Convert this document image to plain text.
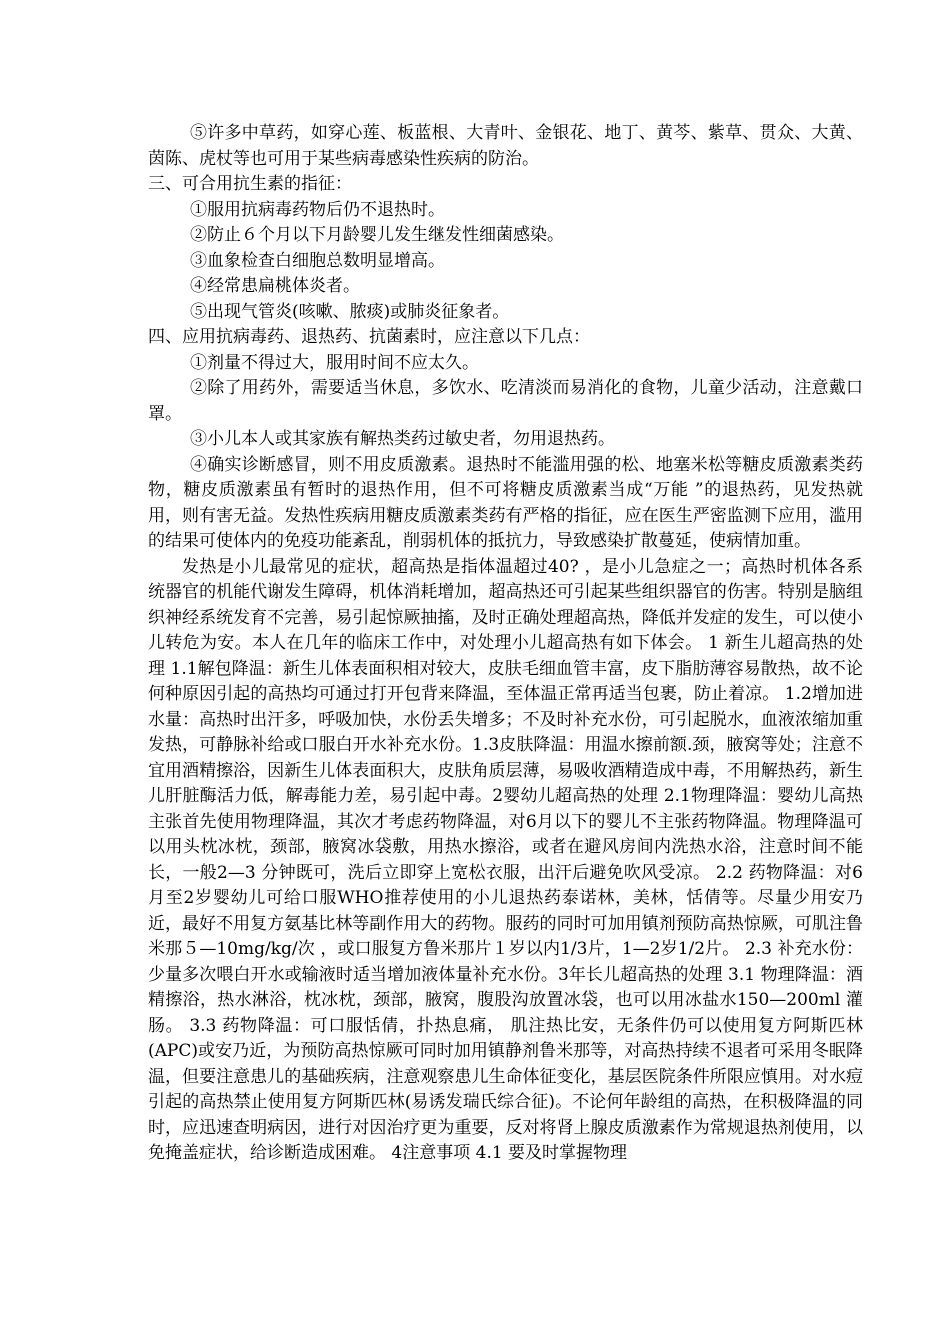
⑤许多中草药，如穿心莲、板蓝根、大青叶、金银花、地丁、黄芩、紫草、贯众、大黄、茵陈、虎杖等也可用于某些病毒感染性疾病的防治。

三、可合用抗生素的指征：

①服用抗病毒药物后仍不退热时。

②防止６个月以下月龄婴儿发生继发性细菌感染。

③血象检查白细胞总数明显增高。

④经常患扁桃体炎者。

⑤出现气管炎(咳嗽、脓痰)或肺炎征象者。

四、应用抗病毒药、退热药、抗菌素时，应注意以下几点：

①剂量不得过大，服用时间不应太久。

②除了用药外，需要适当休息，多饮水、吃清淡而易消化的食物，儿童少活动，注意戴口罩。

③小儿本人或其家族有解热类药过敏史者，勿用退热药。

④确实诊断感冒，则不用皮质激素。退热时不能滥用强的松、地塞米松等糖皮质激素类药物，糖皮质激素虽有暂时的退热作用，但不可将糖皮质激素当成“万能 ”的退热药，见发热就用，则有害无益。发热性疾病用糖皮质激素类药有严格的指征，应在医生严密监测下应用，滥用的结果可使体内的免疫功能紊乱，削弱机体的抵抗力，导致感染扩散蔓延，使病情加重。

发热是小儿最常见的症状，超高热是指体温超过40? ，是小儿急症之一；高热时机体各系统器官的机能代谢发生障碍，机体消耗增加，超高热还可引起某些组织器官的伤害。特别是脑组织神经系统发育不完善，易引起惊厥抽搐，及时正确处理超高热，降低并发症的发生，可以使小儿转危为安。本人在几年的临床工作中，对处理小儿超高热有如下体会。 1 新生儿超高热的处理 1.1解包降温：新生儿体表面积相对较大，皮肤毛细血管丰富，皮下脂肪薄容易散热，故不论何种原因引起的高热均可通过打开包背来降温，至体温正常再适当包裹，防止着凉。 1.2增加进水量：高热时出汗多，呼吸加快，水份丢失增多；不及时补充水份，可引起脱水，血液浓缩加重发热，可静脉补给或口服白开水补充水份。1.3皮肤降温：用温水擦前额.颈，腋窝等处；注意不宜用酒精擦浴，因新生儿体表面积大，皮肤角质层薄，易吸收酒精造成中毒，不用解热药，新生儿肝脏酶活力低，解毒能力差，易引起中毒。2婴幼儿超高热的处理 2.1物理降温：婴幼儿高热主张首先使用物理降温，其次才考虑药物降温，对6月以下的婴儿不主张药物降温。物理降温可以用头枕冰枕，颈部，腋窝冰袋敷，用热水擦浴，或者在避风房间内洗热水浴，注意时间不能长，一般2—3 分钟既可，洗后立即穿上宽松衣服，出汗后避免吹风受凉。 2.2 药物降温：对6月至2岁婴幼儿可给口服WHO推荐使用的小儿退热药泰诺林，美林，恬倩等。尽量少用安乃近，最好不用复方氨基比林等副作用大的药物。服药的同时可加用镇剂预防高热惊厥，可肌注鲁米那５—10mg/kg/次 ，或口服复方鲁米那片１岁以内1/3片，1—2岁1/2片。 2.3 补充水份：少量多次喂白开水或输液时适当增加液体量补充水份。3年长儿超高热的处理 3.1 物理降温：酒精擦浴，热水淋浴，枕冰枕，颈部，腋窝，腹股沟放置冰袋，也可以用冰盐水150—200ml 灌肠。 3.3 药物降温：可口服恬倩，扑热息痛， 肌注热比安，无条件仍可以使用复方阿斯匹林(APC)或安乃近，为预防高热惊厥可同时加用镇静剂鲁米那等，对高热持续不退者可采用冬眠降温，但要注意患儿的基础疾病，注意观察患儿生命体征变化，基层医院条件所限应慎用。对水痘引起的高热禁止使用复方阿斯匹林(易诱发瑞氏综合征)。不论何年龄组的高热，在积极降温的同时，应迅速查明病因，进行对因治疗更为重要，反对将肾上腺皮质激素作为常规退热剂使用，以免掩盖症状，给诊断造成困难。 4注意事项 4.1 要及时掌握物理
